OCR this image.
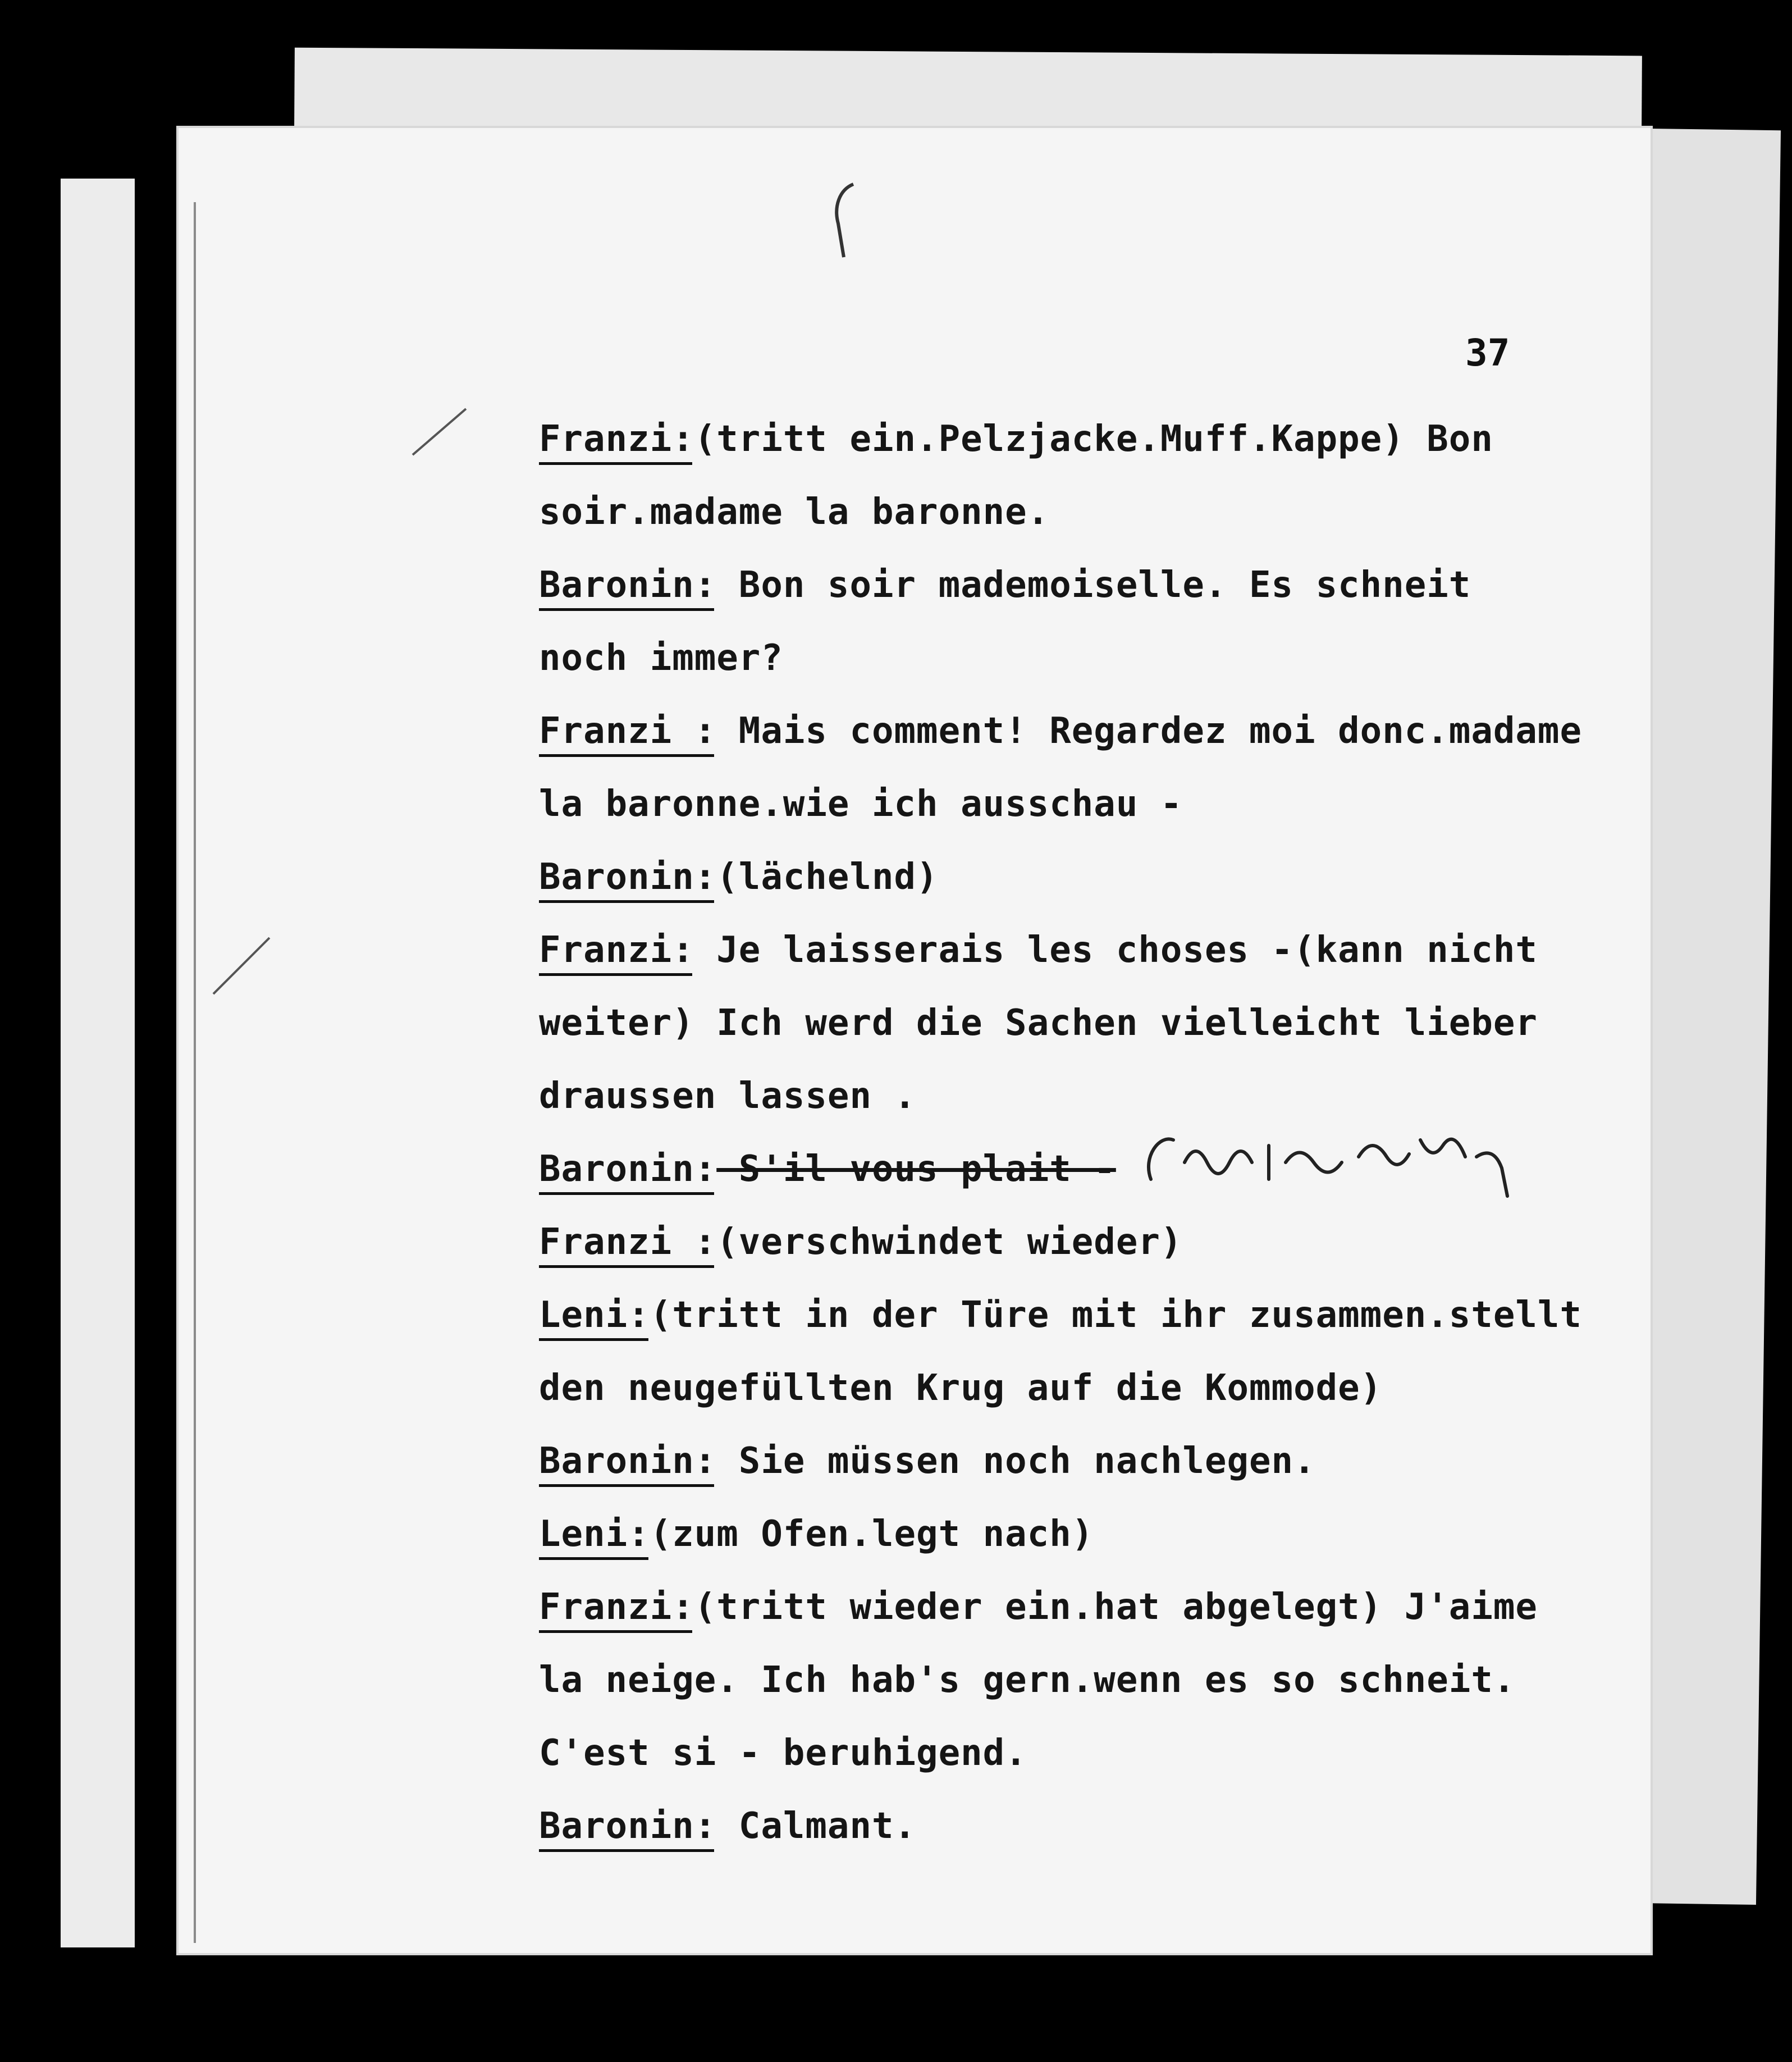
37
Franzi:(tritt ein.Pelzjacke.Muff.Kappe) Bon
soir.madame la baronne.
Baronin: Bon soir mademoiselle. Es schneit
noch immer?
Franzi : Mais comment! Regardez moi donc.madame
la baronne.wie ich ausschau -
Baronin:(lächelnd)
Franzi: Je laisserais les choses -(kann nicht
weiter) Ich werd die Sachen vielleicht lieber
draussen lassen .
Baronin: S'il vous plait -
Franzi :(verschwindet wieder)
Leni:(tritt in der Türe mit ihr zusammen.stellt
den neugefüllten Krug auf die Kommode)
Baronin: Sie müssen noch nachlegen.
Leni:(zum Ofen.legt nach)
Franzi:(tritt wieder ein.hat abgelegt) J'aime
la neige. Ich hab's gern.wenn es so schneit.
C'est si - beruhigend.
Baronin: Calmant.
